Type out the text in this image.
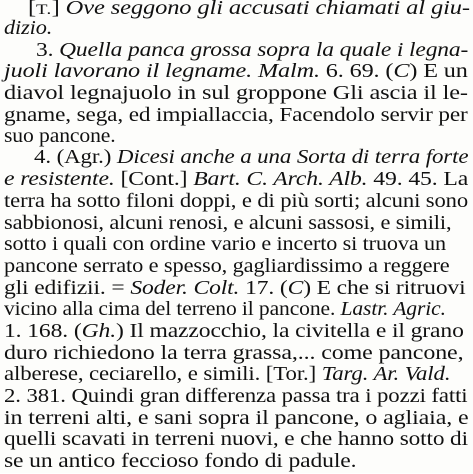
[T.] Ove seggono gli accusati chiamati al giu-
dizio.
3. Quella panca grossa sopra la quale i legna-
juoli lavorano il legname. Malm. 6. 69. (C) E un
diavol legnajuolo in sul groppone Gli ascia il le-
gname, sega, ed impiallaccia, Facendolo servir per
suo pancone.
4. (Agr.) Dicesi anche a una Sorta di terra forte
e resistente. [Cont.] Bart. C. Arch. Alb. 49. 45. La
terra ha sotto filoni doppi, e di più sorti; alcuni sono
sabbionosi, alcuni renosi, e alcuni sassosi, e simili,
sotto i quali con ordine vario e incerto si truova un
pancone serrato e spesso, gagliardissimo a reggere
gli edifizii. = Soder. Colt. 17. (C) E che si ritruovi
vicino alla cima del terreno il pancone. Lastr. Agric.
1. 168. (Gh.) Il mazzocchio, la civitella e il grano
duro richiedono la terra grassa,... come pancone,
alberese, ceciarello, e simili. [Tor.] Targ. Ar. Vald.
2. 381. Quindi gran differenza passa tra i pozzi fatti
in terreni alti, e sani sopra il pancone, o agliaia, e
quelli scavati in terreni nuovi, e che hanno sotto di
se un antico feccioso fondo di padule.
